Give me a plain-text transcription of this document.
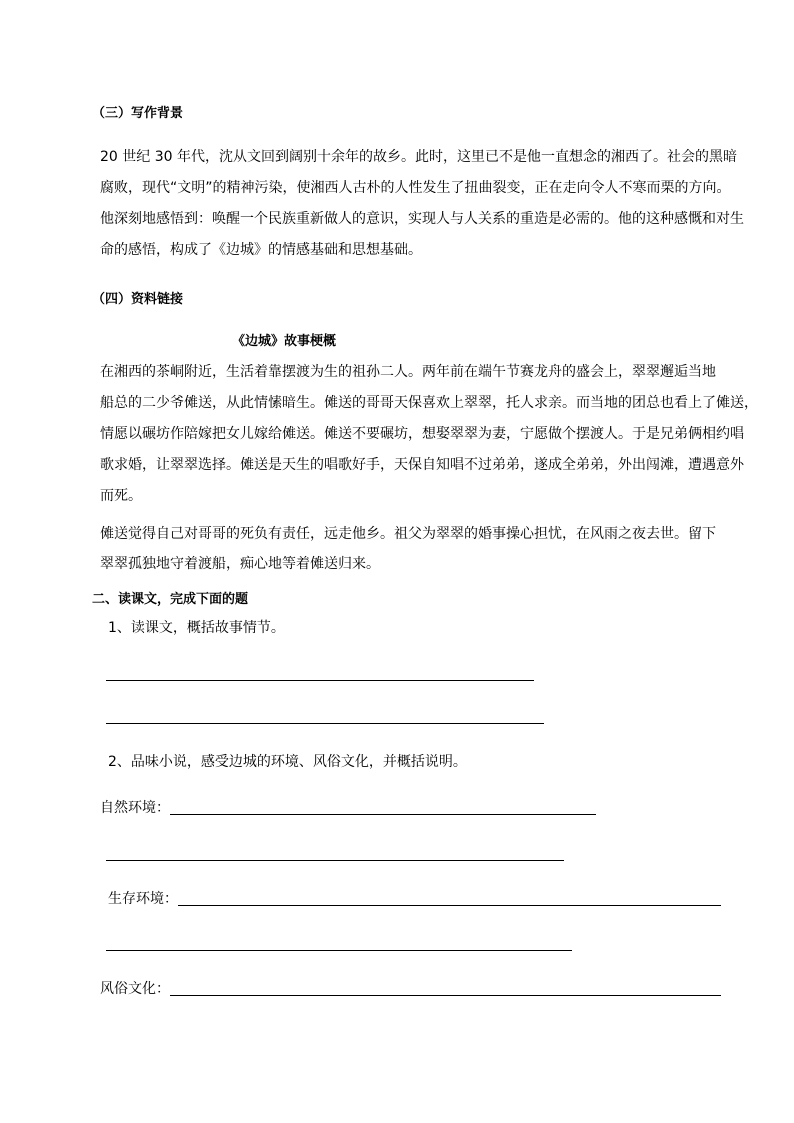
（三）写作背景
20 世纪 30 年代，沈从文回到阔别十余年的故乡。此时，这里已不是他一直想念的湘西了。社会的黑暗
腐败，现代“文明”的精神污染，使湘西人古朴的人性发生了扭曲裂变，正在走向令人不寒而栗的方向。
他深刻地感悟到：唤醒一个民族重新做人的意识，实现人与人关系的重造是必需的。他的这种感慨和对生
命的感悟，构成了《边城》的情感基础和思想基础。
（四）资料链接
《边城》故事梗概
在湘西的茶峒附近，生活着靠摆渡为生的祖孙二人。两年前在端午节赛龙舟的盛会上，翠翠邂逅当地
船总的二少爷傩送，从此情愫暗生。傩送的哥哥天保喜欢上翠翠，托人求亲。而当地的团总也看上了傩送，
情愿以碾坊作陪嫁把女儿嫁给傩送。傩送不要碾坊，想娶翠翠为妻，宁愿做个摆渡人。于是兄弟俩相约唱
歌求婚，让翠翠选择。傩送是天生的唱歌好手，天保自知唱不过弟弟，遂成全弟弟，外出闯滩，遭遇意外
而死。
傩送觉得自己对哥哥的死负有责任，远走他乡。祖父为翠翠的婚事操心担忧，在风雨之夜去世。留下
翠翠孤独地守着渡船，痴心地等着傩送归来。
二、读课文，完成下面的题
1、读课文，概括故事情节。
2、品味小说，感受边城的环境、风俗文化，并概括说明。
自然环境：
生存环境：
风俗文化：
